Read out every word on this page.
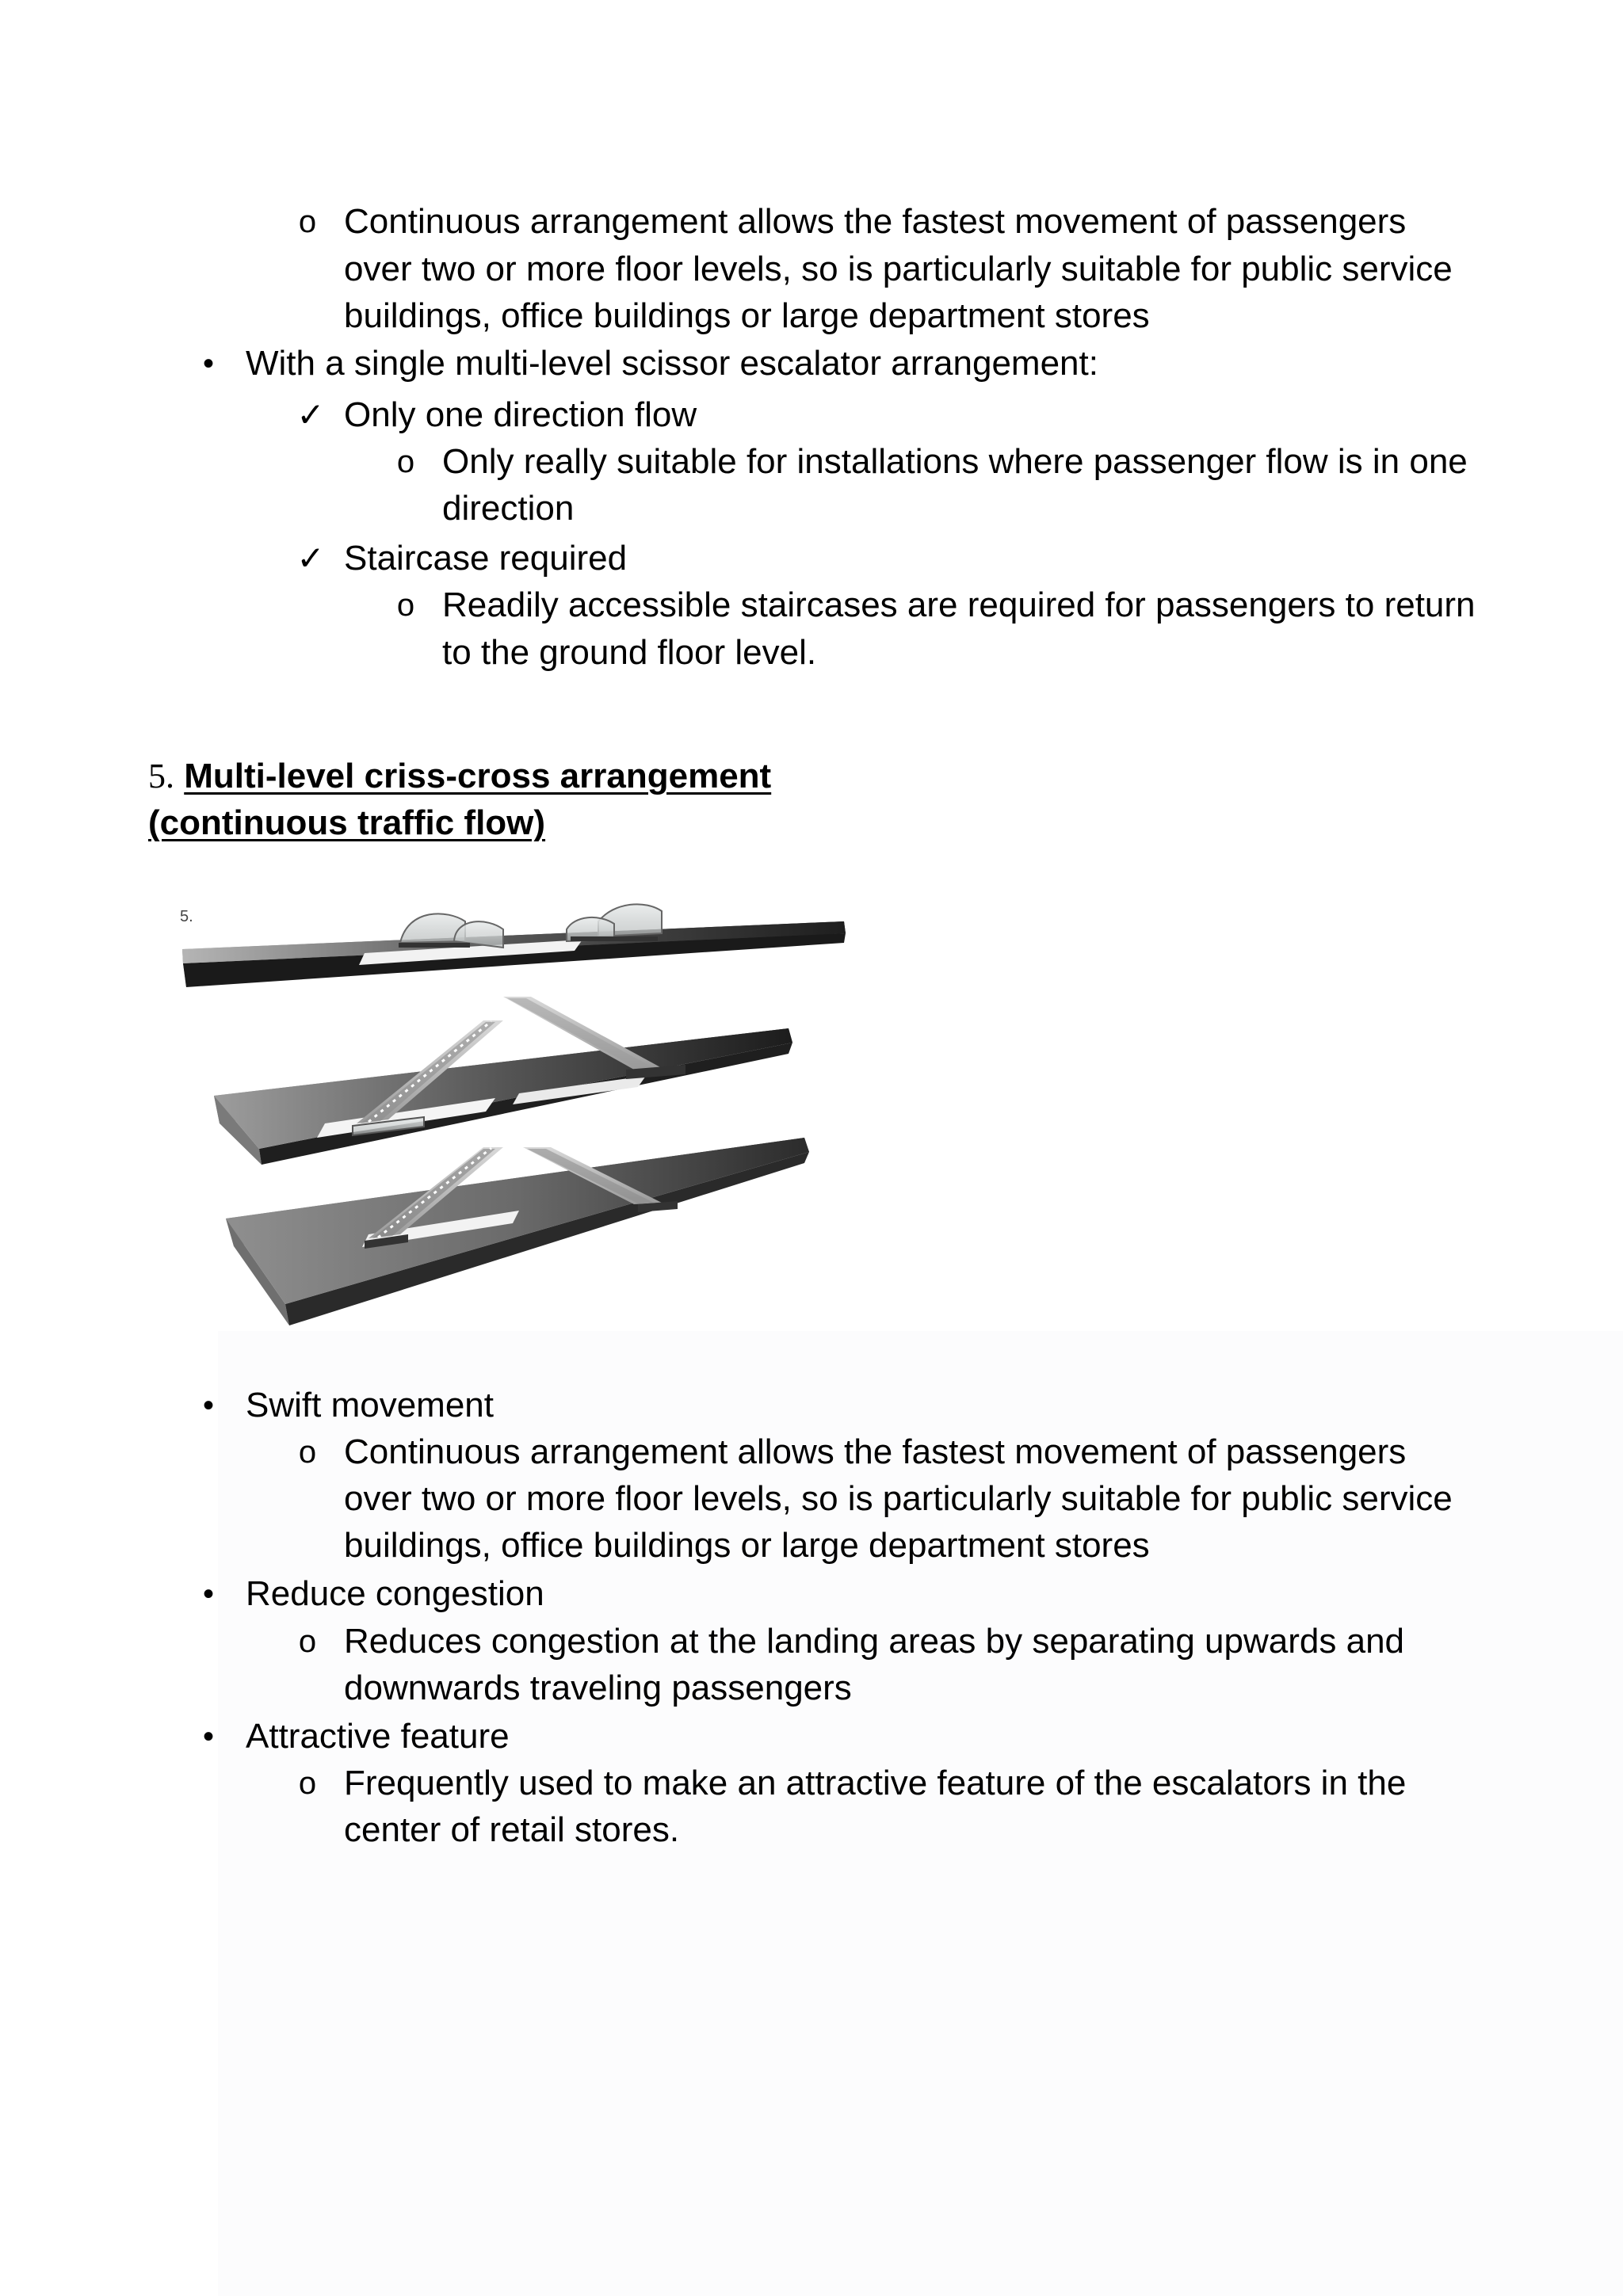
o Continuous arrangement allows the fastest movement of passengers
over two or more floor levels, so is particularly suitable for public service
buildings, office buildings or large department stores
• With a single multi-level scissor escalator arrangement:
✓ Only one direction flow
o Only really suitable for installations where passenger flow is in one
direction
✓ Staircase required
o Readily accessible staircases are required for passengers to return
to the ground floor level.
5. Multi-level criss-cross arrangement
(continuous traffic flow)
5.
• Swift movement
o Continuous arrangement allows the fastest movement of passengers
over two or more floor levels, so is particularly suitable for public service
buildings, office buildings or large department stores
• Reduce congestion
o Reduces congestion at the landing areas by separating upwards and
downwards traveling passengers
• Attractive feature
o Frequently used to make an attractive feature of the escalators in the
center of retail stores.
